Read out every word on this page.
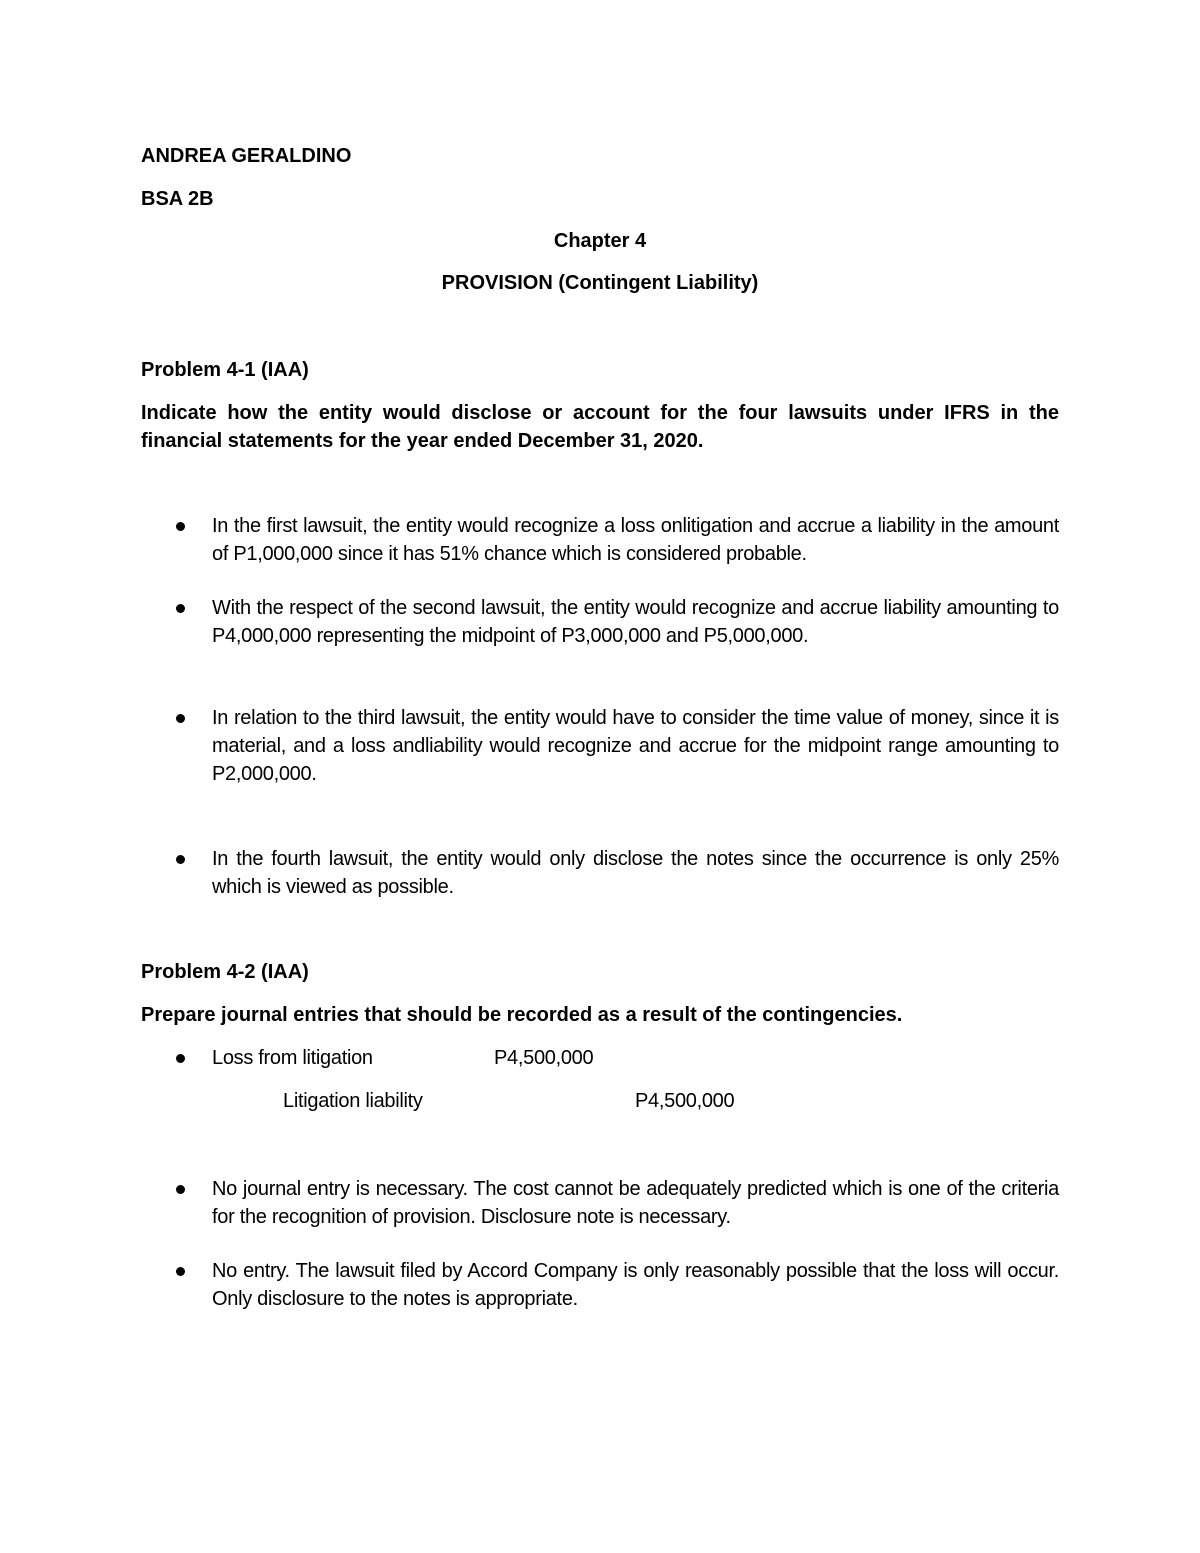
ANDREA GERALDINO
BSA 2B
Chapter 4
PROVISION (Contingent Liability)
Problem 4-1 (IAA)
Indicate how the entity would disclose or account for the four lawsuits under IFRS in the financial statements for the year ended December 31, 2020.
In the first lawsuit, the entity would recognize a loss onlitigation and accrue a liability in the amount of P1,000,000 since it has 51% chance which is considered probable.
With the respect of the second lawsuit, the entity would recognize and accrue liability amounting to P4,000,000 representing the midpoint of P3,000,000 and P5,000,000.
In relation to the third lawsuit, the entity would have to consider the time value of money, since it is material, and a loss andliability would recognize and accrue for the midpoint range amounting to P2,000,000.
In the fourth lawsuit, the entity would only disclose the notes since the occurrence is only 25% which is viewed as possible.
Problem 4-2 (IAA)
Prepare journal entries that should be recorded as a result of the contingencies.
Loss from litigation	P4,500,000
Litigation liability	P4,500,000
No journal entry is necessary. The cost cannot be adequately predicted which is one of the criteria for the recognition of provision. Disclosure note is necessary.
No entry. The lawsuit filed by Accord Company is only reasonably possible that the loss will occur. Only disclosure to the notes is appropriate.
